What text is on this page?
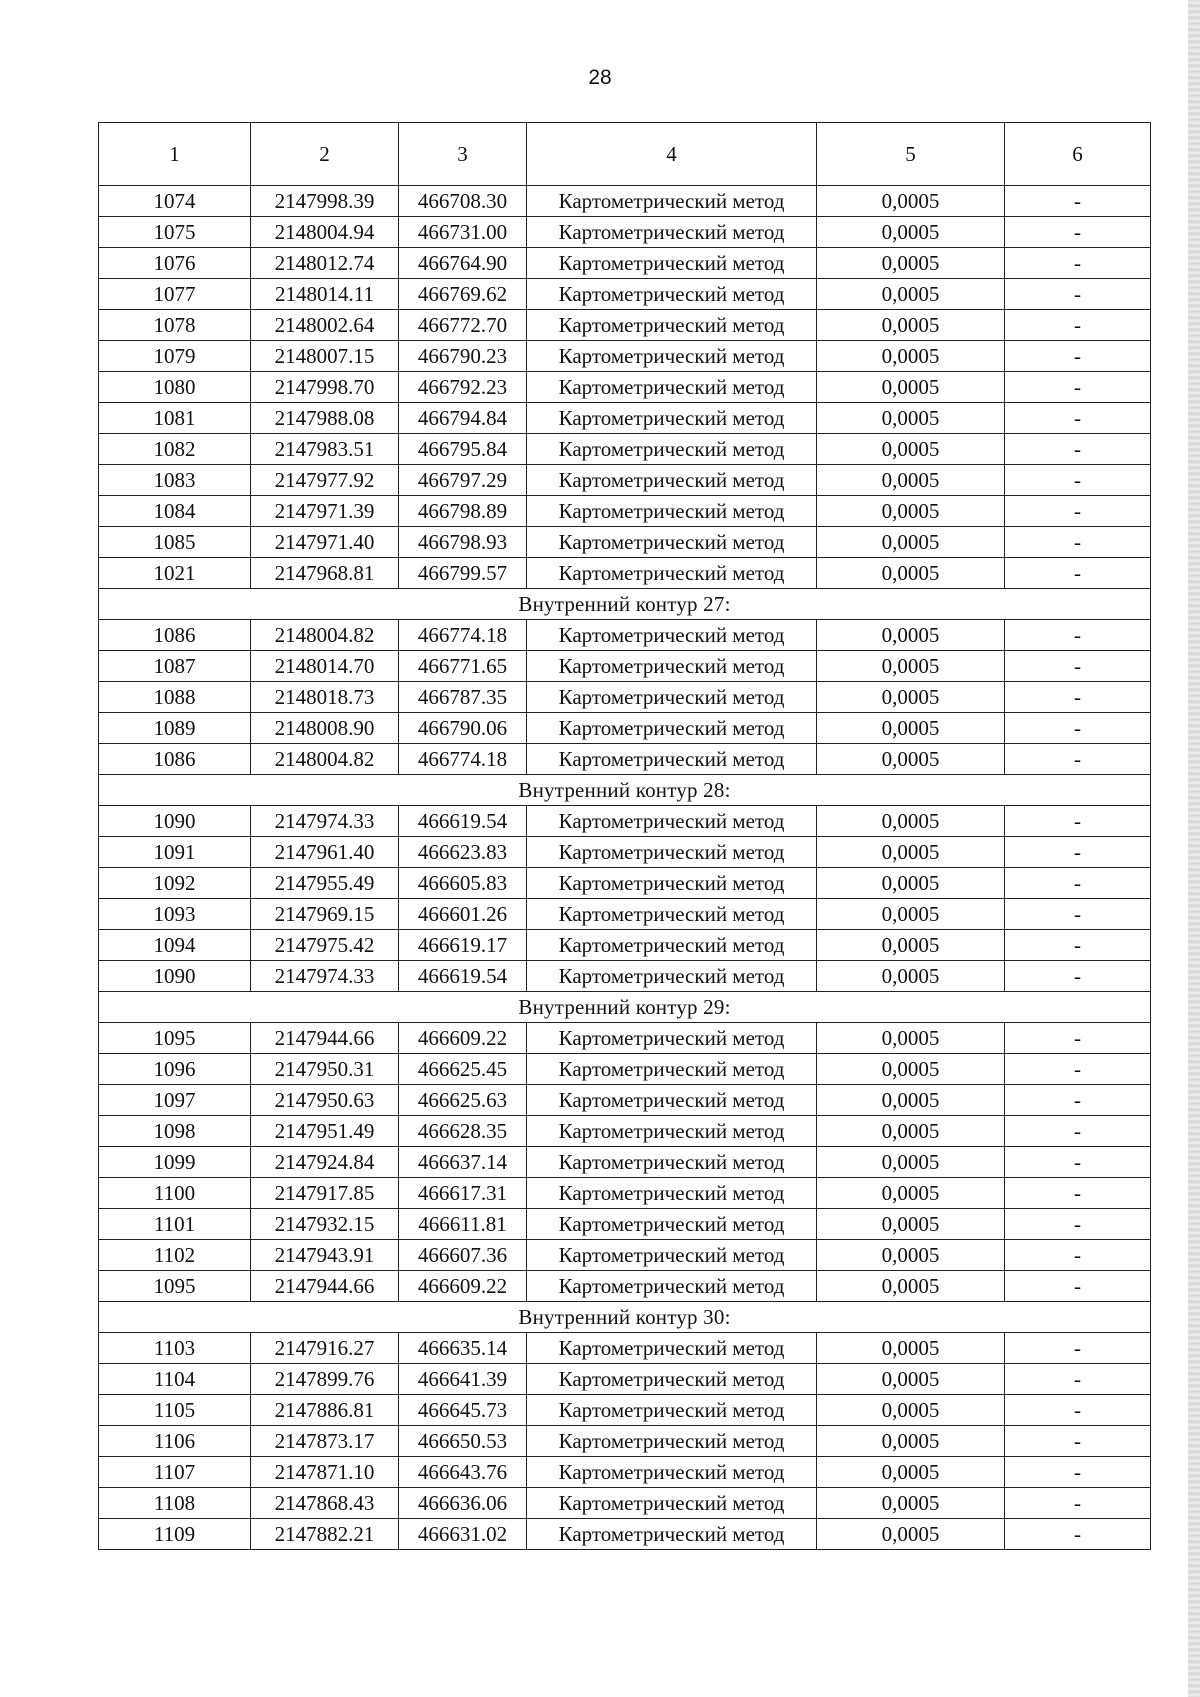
28
1	2	3	4	5	6
1074	2147998.39	466708.30	Картометрический метод	0,0005	-
1075	2148004.94	466731.00	Картометрический метод	0,0005	-
1076	2148012.74	466764.90	Картометрический метод	0,0005	-
1077	2148014.11	466769.62	Картометрический метод	0,0005	-
1078	2148002.64	466772.70	Картометрический метод	0,0005	-
1079	2148007.15	466790.23	Картометрический метод	0,0005	-
1080	2147998.70	466792.23	Картометрический метод	0,0005	-
1081	2147988.08	466794.84	Картометрический метод	0,0005	-
1082	2147983.51	466795.84	Картометрический метод	0,0005	-
1083	2147977.92	466797.29	Картометрический метод	0,0005	-
1084	2147971.39	466798.89	Картометрический метод	0,0005	-
1085	2147971.40	466798.93	Картометрический метод	0,0005	-
1021	2147968.81	466799.57	Картометрический метод	0,0005	-
Внутренний контур 27:					
1086	2148004.82	466774.18	Картометрический метод	0,0005	-
1087	2148014.70	466771.65	Картометрический метод	0,0005	-
1088	2148018.73	466787.35	Картометрический метод	0,0005	-
1089	2148008.90	466790.06	Картометрический метод	0,0005	-
1086	2148004.82	466774.18	Картометрический метод	0,0005	-
Внутренний контур 28:					
1090	2147974.33	466619.54	Картометрический метод	0,0005	-
1091	2147961.40	466623.83	Картометрический метод	0,0005	-
1092	2147955.49	466605.83	Картометрический метод	0,0005	-
1093	2147969.15	466601.26	Картометрический метод	0,0005	-
1094	2147975.42	466619.17	Картометрический метод	0,0005	-
1090	2147974.33	466619.54	Картометрический метод	0,0005	-
Внутренний контур 29:					
1095	2147944.66	466609.22	Картометрический метод	0,0005	-
1096	2147950.31	466625.45	Картометрический метод	0,0005	-
1097	2147950.63	466625.63	Картометрический метод	0,0005	-
1098	2147951.49	466628.35	Картометрический метод	0,0005	-
1099	2147924.84	466637.14	Картометрический метод	0,0005	-
1100	2147917.85	466617.31	Картометрический метод	0,0005	-
1101	2147932.15	466611.81	Картометрический метод	0,0005	-
1102	2147943.91	466607.36	Картометрический метод	0,0005	-
1095	2147944.66	466609.22	Картометрический метод	0,0005	-
Внутренний контур 30:					
1103	2147916.27	466635.14	Картометрический метод	0,0005	-
1104	2147899.76	466641.39	Картометрический метод	0,0005	-
1105	2147886.81	466645.73	Картометрический метод	0,0005	-
1106	2147873.17	466650.53	Картометрический метод	0,0005	-
1107	2147871.10	466643.76	Картометрический метод	0,0005	-
1108	2147868.43	466636.06	Картометрический метод	0,0005	-
1109	2147882.21	466631.02	Картометрический метод	0,0005	-
